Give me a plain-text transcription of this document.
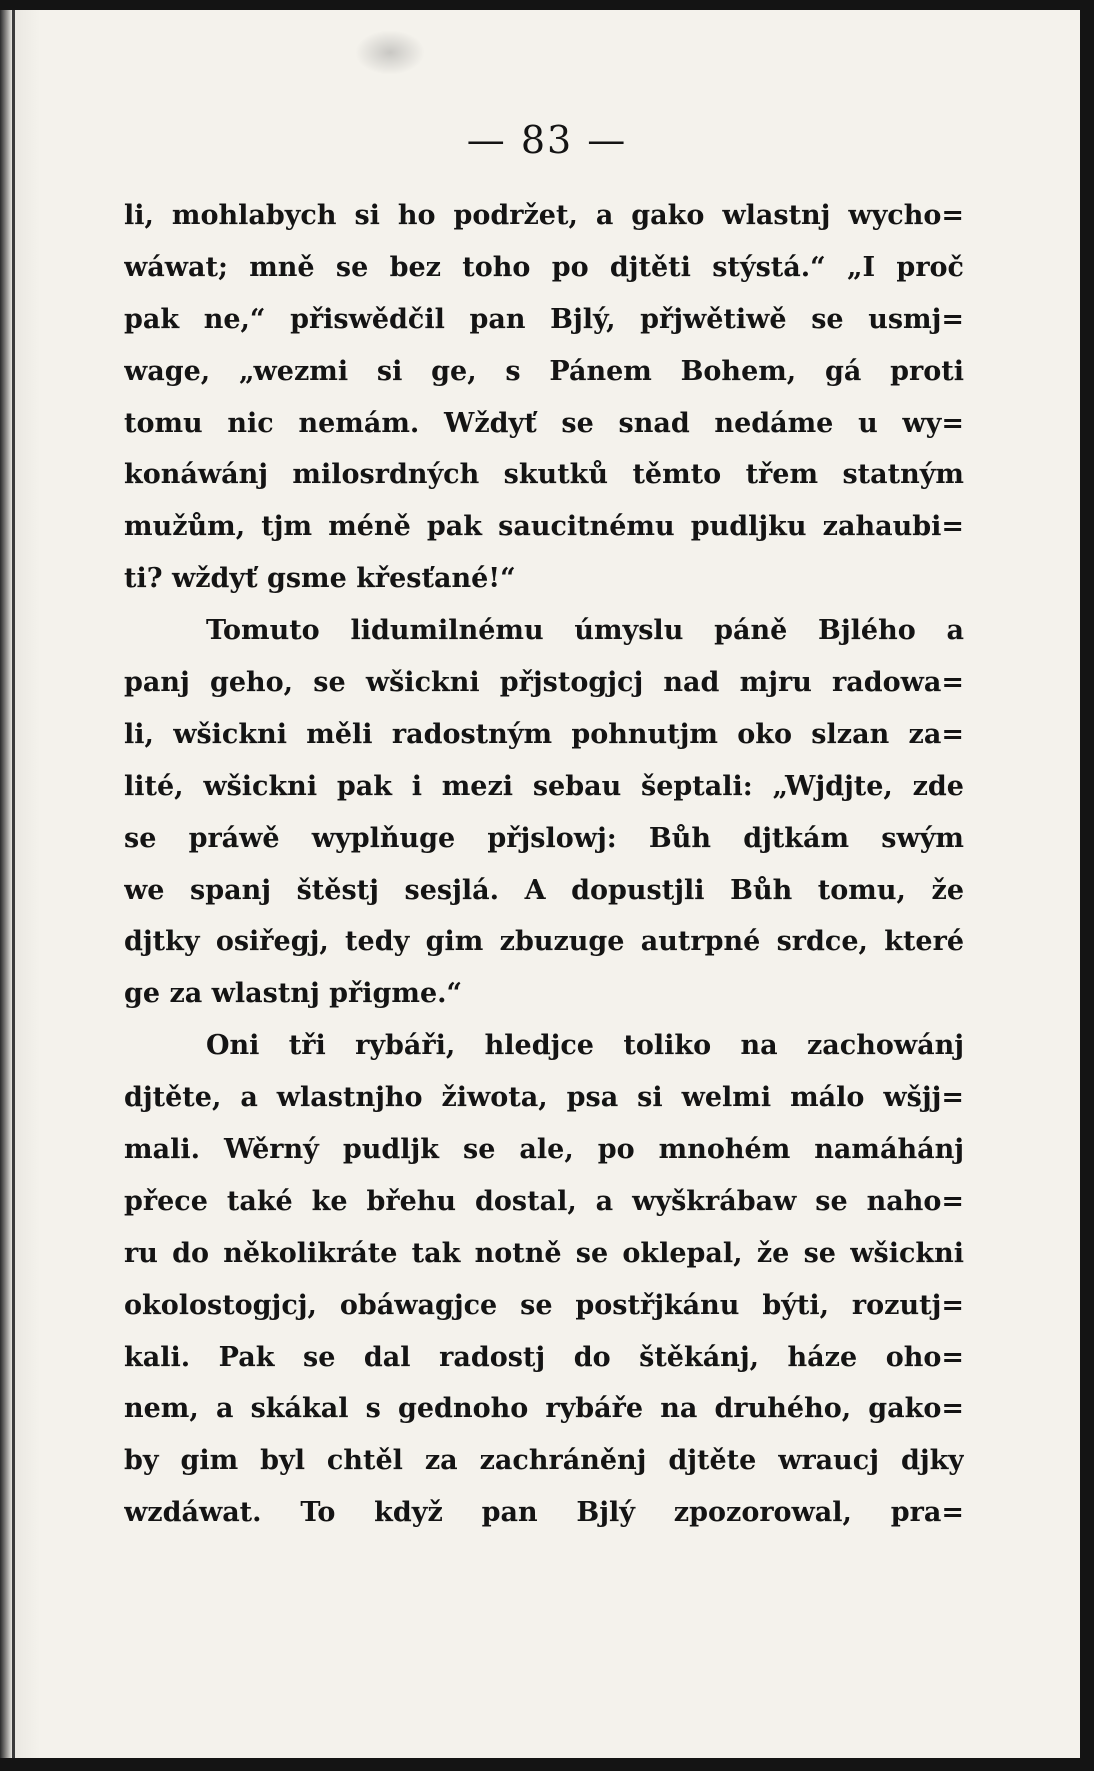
— 83 —
li, mohlabych si ho podržet, a gako wlastnj wycho=
wáwat; mně se bez toho po djtěti stýstá.“ „I proč
pak ne,“ přiswědčil pan Bjlý, přjwětiwě se usmj=
wage, „wezmi si ge, s Pánem Bohem, gá proti
tomu nic nemám. Wždyť se snad nedáme u wy=
konáwánj milosrdných skutků těmto třem statným
mužům, tjm méně pak saucitnému pudljku zahaubi=
ti? wždyť gsme křesťané!“
Tomuto lidumilnému úmyslu páně Bjlého a
panj geho, se wšickni přjstogjcj nad mjru radowa=
li, wšickni měli radostným pohnutjm oko slzan za=
lité, wšickni pak i mezi sebau šeptali: „Wjdjte, zde
se práwě wyplňuge přjslowj: Bůh djtkám swým
we spanj štěstj sesjlá. A dopustjli Bůh tomu, že
djtky osiřegj, tedy gim zbuzuge autrpné srdce, které
ge za wlastnj přigme.“
Oni tři rybáři, hledjce toliko na zachowánj
djtěte, a wlastnjho žiwota, psa si welmi málo wšjj=
mali. Wěrný pudljk se ale, po mnohém namáhánj
přece také ke břehu dostal, a wyškrábaw se naho=
ru do několikráte tak notně se oklepal, že se wšickni
okolostogjcj, obáwagjce se postřjkánu býti, rozutj=
kali. Pak se dal radostj do štěkánj, háze oho=
nem, a skákal s gednoho rybáře na druhého, gako=
by gim byl chtěl za zachráněnj djtěte wraucj djky
wzdáwat. To když pan Bjlý zpozorowal, pra=
